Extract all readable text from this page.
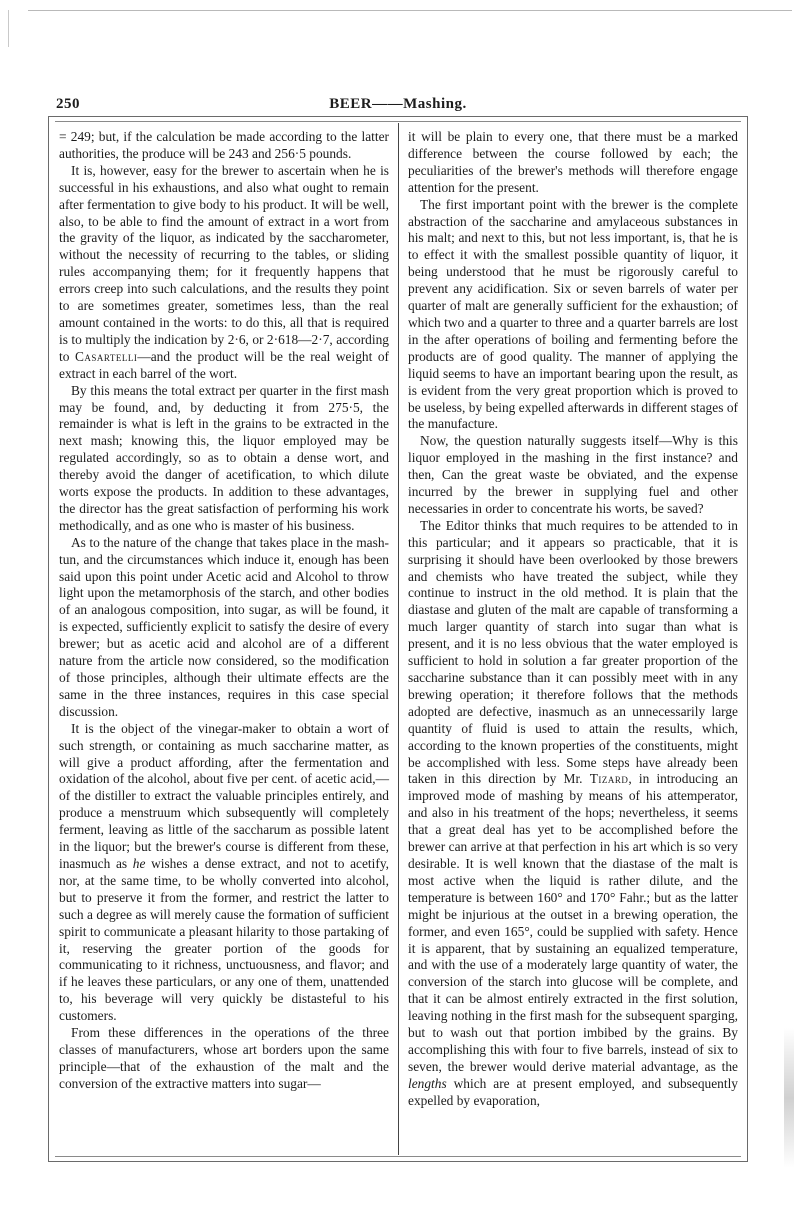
250	BEER——Mashing.

= 249; but, if the calculation be made according to the latter authorities, the produce will be 243 and 256·5 pounds.

It is, however, easy for the brewer to ascertain when he is successful in his exhaustions, and also what ought to remain after fermentation to give body to his product. It will be well, also, to be able to find the amount of extract in a wort from the gravity of the liquor, as indicated by the saccharometer, without the necessity of recurring to the tables, or sliding rules accompanying them; for it frequently happens that errors creep into such calculations, and the results they point to are sometimes greater, sometimes less, than the real amount contained in the worts: to do this, all that is required is to multiply the indication by 2·6, or 2·618—2·7, according to Casartelli—and the product will be the real weight of extract in each barrel of the wort.

By this means the total extract per quarter in the first mash may be found, and, by deducting it from 275·5, the remainder is what is left in the grains to be extracted in the next mash; knowing this, the liquor employed may be regulated accordingly, so as to obtain a dense wort, and thereby avoid the danger of acetification, to which dilute worts expose the products. In addition to these advantages, the director has the great satisfaction of performing his work methodically, and as one who is master of his business.

As to the nature of the change that takes place in the mash-tun, and the circumstances which induce it, enough has been said upon this point under Acetic acid and Alcohol to throw light upon the metamorphosis of the starch, and other bodies of an analogous composition, into sugar, as will be found, it is expected, sufficiently explicit to satisfy the desire of every brewer; but as acetic acid and alcohol are of a different nature from the article now considered, so the modification of those principles, although their ultimate effects are the same in the three instances, requires in this case special discussion.

It is the object of the vinegar-maker to obtain a wort of such strength, or containing as much saccharine matter, as will give a product affording, after the fermentation and oxidation of the alcohol, about five per cent. of acetic acid,—of the distiller to extract the valuable principles entirely, and produce a menstruum which subsequently will completely ferment, leaving as little of the saccharum as possible latent in the liquor; but the brewer's course is different from these, inasmuch as he wishes a dense extract, and not to acetify, nor, at the same time, to be wholly converted into alcohol, but to preserve it from the former, and restrict the latter to such a degree as will merely cause the formation of sufficient spirit to communicate a pleasant hilarity to those partaking of it, reserving the greater portion of the goods for communicating to it richness, unctuousness, and flavor; and if he leaves these particulars, or any one of them, unattended to, his beverage will very quickly be distasteful to his customers.

From these differences in the operations of the three classes of manufacturers, whose art borders upon the same principle—that of the exhaustion of the malt and the conversion of the extractive matters into sugar—

it will be plain to every one, that there must be a marked difference between the course followed by each; the peculiarities of the brewer's methods will therefore engage attention for the present.

The first important point with the brewer is the complete abstraction of the saccharine and amylaceous substances in his malt; and next to this, but not less important, is, that he is to effect it with the smallest possible quantity of liquor, it being understood that he must be rigorously careful to prevent any acidification. Six or seven barrels of water per quarter of malt are generally sufficient for the exhaustion; of which two and a quarter to three and a quarter barrels are lost in the after operations of boiling and fermenting before the products are of good quality. The manner of applying the liquid seems to have an important bearing upon the result, as is evident from the very great proportion which is proved to be useless, by being expelled afterwards in different stages of the manufacture.

Now, the question naturally suggests itself—Why is this liquor employed in the mashing in the first instance? and then, Can the great waste be obviated, and the expense incurred by the brewer in supplying fuel and other necessaries in order to concentrate his worts, be saved?

The Editor thinks that much requires to be attended to in this particular; and it appears so practicable, that it is surprising it should have been overlooked by those brewers and chemists who have treated the subject, while they continue to instruct in the old method. It is plain that the diastase and gluten of the malt are capable of transforming a much larger quantity of starch into sugar than what is present, and it is no less obvious that the water employed is sufficient to hold in solution a far greater proportion of the saccharine substance than it can possibly meet with in any brewing operation; it therefore follows that the methods adopted are defective, inasmuch as an unnecessarily large quantity of fluid is used to attain the results, which, according to the known properties of the constituents, might be accomplished with less. Some steps have already been taken in this direction by Mr. Tizard, in introducing an improved mode of mashing by means of his attemperator, and also in his treatment of the hops; nevertheless, it seems that a great deal has yet to be accomplished before the brewer can arrive at that perfection in his art which is so very desirable. It is well known that the diastase of the malt is most active when the liquid is rather dilute, and the temperature is between 160° and 170° Fahr.; but as the latter might be injurious at the outset in a brewing operation, the former, and even 165°, could be supplied with safety. Hence it is apparent, that by sustaining an equalized temperature, and with the use of a moderately large quantity of water, the conversion of the starch into glucose will be complete, and that it can be almost entirely extracted in the first solution, leaving nothing in the first mash for the subsequent sparging, but to wash out that portion imbibed by the grains. By accomplishing this with four to five barrels, instead of six to seven, the brewer would derive material advantage, as the lengths which are at present employed, and subsequently expelled by evaporation,
